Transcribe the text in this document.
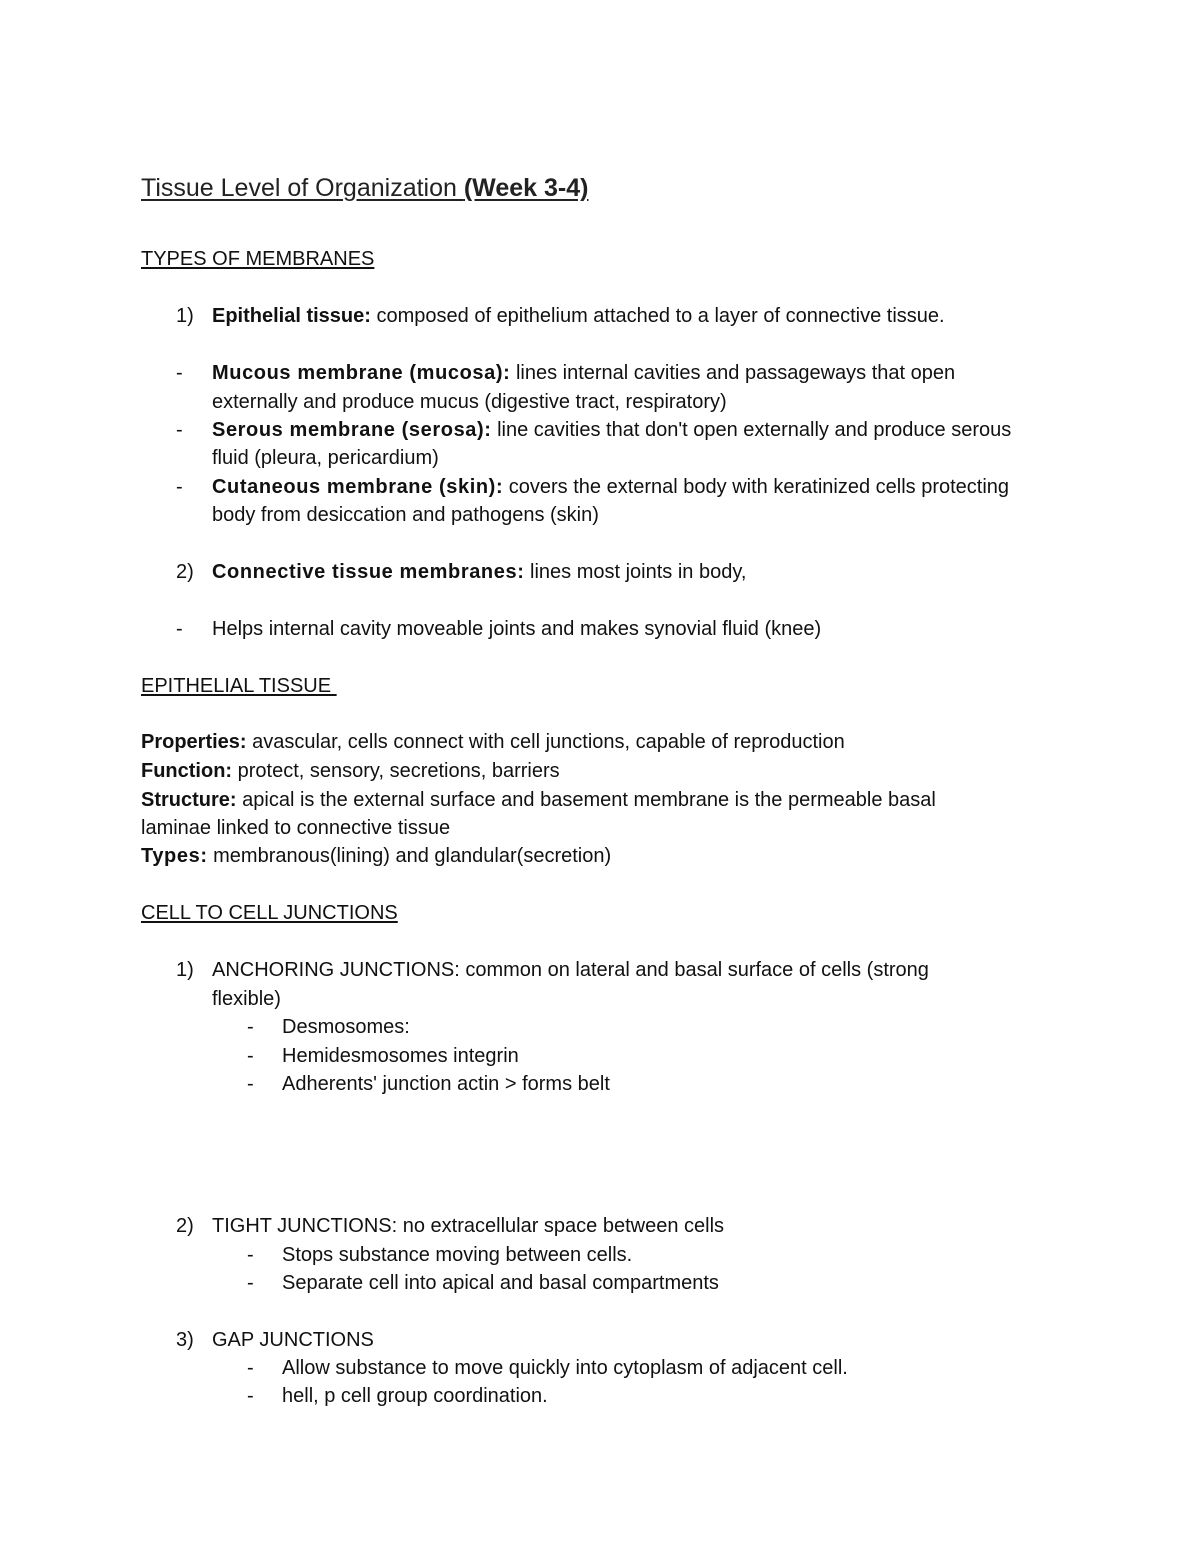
Tissue Level of Organization (Week 3-4)
TYPES OF MEMBRANES
1) Epithelial tissue: composed of epithelium attached to a layer of connective tissue.
- Mucous membrane (mucosa): lines internal cavities and passageways that open
externally and produce mucus (digestive tract, respiratory)
- Serous membrane (serosa): line cavities that don't open externally and produce serous
fluid (pleura, pericardium)
- Cutaneous membrane (skin): covers the external body with keratinized cells protecting
body from desiccation and pathogens (skin)
2) Connective tissue membranes: lines most joints in body,
- Helps internal cavity moveable joints and makes synovial fluid (knee)
EPITHELIAL TISSUE
Properties: avascular, cells connect with cell junctions, capable of reproduction
Function: protect, sensory, secretions, barriers
Structure: apical is the external surface and basement membrane is the permeable basal
laminae linked to connective tissue
Types: membranous(lining) and glandular(secretion)
CELL TO CELL JUNCTIONS
1) ANCHORING JUNCTIONS: common on lateral and basal surface of cells (strong
flexible)
- Desmosomes:
- Hemidesmosomes integrin
- Adherents' junction actin > forms belt
2) TIGHT JUNCTIONS: no extracellular space between cells
- Stops substance moving between cells.
- Separate cell into apical and basal compartments
3) GAP JUNCTIONS
- Allow substance to move quickly into cytoplasm of adjacent cell.
- hell, p cell group coordination.
